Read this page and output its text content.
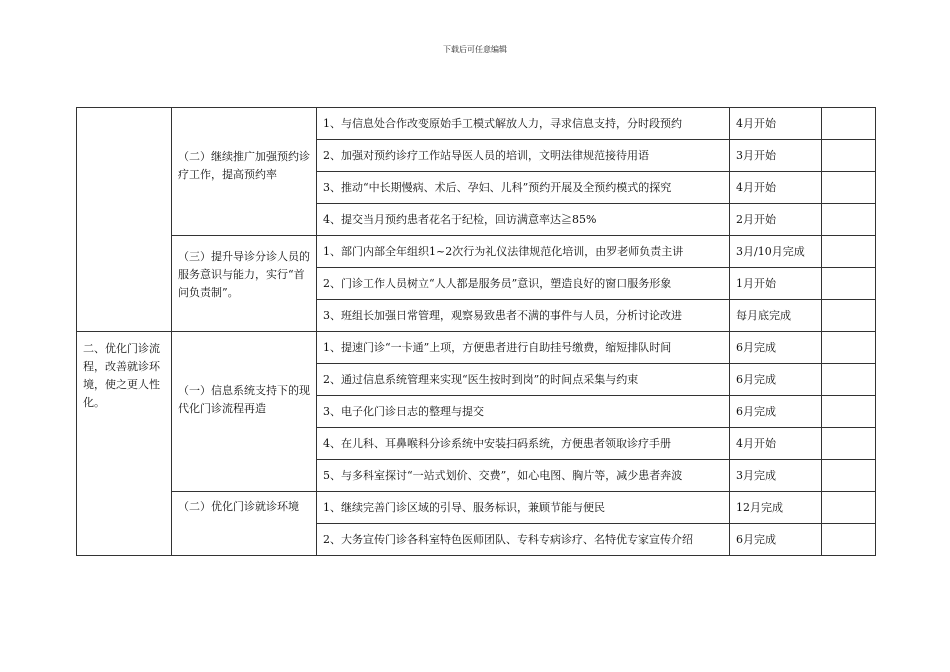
下载后可任意编辑
	（二）继续推广加强预约诊疗工作，提高预约率	1、与信息处合作改变原始手工模式解放人力，寻求信息支持，分时段预约	4月开始	
		2、加强对预约诊疗工作站导医人员的培训，文明法律规范接待用语	3月开始	
		3、推动“中长期慢病、术后、孕妇、儿科”预约开展及全预约模式的探究	4月开始	
		4、提交当月预约患者花名于纪检，回访满意率达≧85%	2月开始	
	（三）提升导诊分诊人员的服务意识与能力，实行“首问负责制”。	1、部门内部全年组织1~2次行为礼仪法律规范化培训，由罗老师负责主讲	3月/10月完成	
		2、门诊工作人员树立“人人都是服务员”意识，塑造良好的窗口服务形象	1月开始	
		3、班组长加强日常管理，观察易致患者不满的事件与人员，分析讨论改进	每月底完成	
二、优化门诊流程，改善就诊环境，使之更人性化。	（一）信息系统支持下的现代化门诊流程再造	1、提速门诊“一卡通”上项，方便患者进行自助挂号缴费，缩短排队时间	6月完成	
		2、通过信息系统管理来实现“医生按时到岗”的时间点采集与约束	6月完成	
		3、电子化门诊日志的整理与提交	6月完成	
		4、在儿科、耳鼻喉科分诊系统中安装扫码系统，方便患者领取诊疗手册	4月开始	
		5、与多科室探讨“一站式划价、交费”，如心电图、胸片等，减少患者奔波	3月完成	
	（二）优化门诊就诊环境	1、继续完善门诊区域的引导、服务标识，兼顾节能与便民	12月完成	
		2、大务宣传门诊各科室特色医师团队、专科专病诊疗、名特优专家宣传介绍	6月完成	
